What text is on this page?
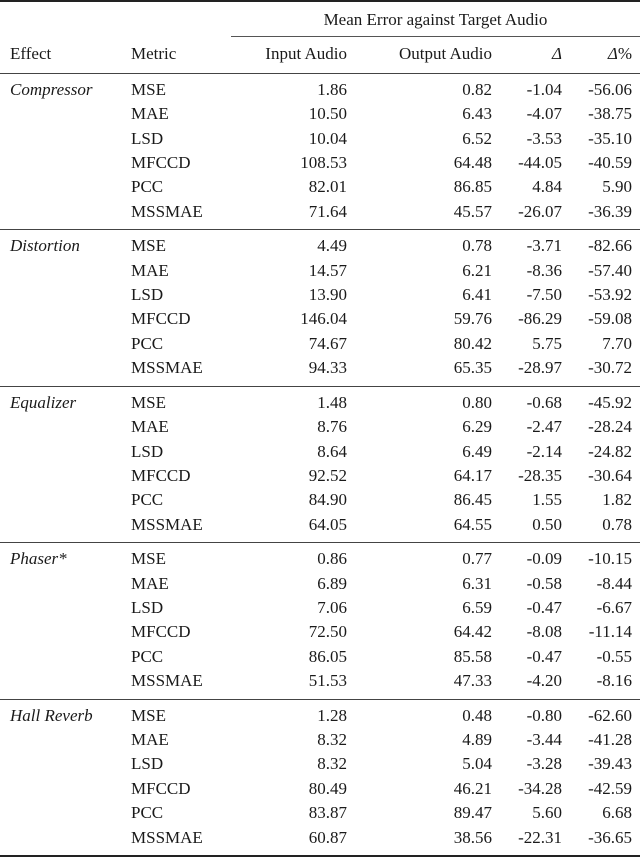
		Mean Error against Target Audio			
Effect	Metric	Input Audio	Output Audio	Δ	Δ%
Compressor	MSE	1.86	0.82	-1.04	-56.06
	MAE	10.50	6.43	-4.07	-38.75
	LSD	10.04	6.52	-3.53	-35.10
	MFCCD	108.53	64.48	-44.05	-40.59
	PCC	82.01	86.85	4.84	5.90
	MSSMAE	71.64	45.57	-26.07	-36.39
Distortion	MSE	4.49	0.78	-3.71	-82.66
	MAE	14.57	6.21	-8.36	-57.40
	LSD	13.90	6.41	-7.50	-53.92
	MFCCD	146.04	59.76	-86.29	-59.08
	PCC	74.67	80.42	5.75	7.70
	MSSMAE	94.33	65.35	-28.97	-30.72
Equalizer	MSE	1.48	0.80	-0.68	-45.92
	MAE	8.76	6.29	-2.47	-28.24
	LSD	8.64	6.49	-2.14	-24.82
	MFCCD	92.52	64.17	-28.35	-30.64
	PCC	84.90	86.45	1.55	1.82
	MSSMAE	64.05	64.55	0.50	0.78
Phaser*	MSE	0.86	0.77	-0.09	-10.15
	MAE	6.89	6.31	-0.58	-8.44
	LSD	7.06	6.59	-0.47	-6.67
	MFCCD	72.50	64.42	-8.08	-11.14
	PCC	86.05	85.58	-0.47	-0.55
	MSSMAE	51.53	47.33	-4.20	-8.16
Hall Reverb	MSE	1.28	0.48	-0.80	-62.60
	MAE	8.32	4.89	-3.44	-41.28
	LSD	8.32	5.04	-3.28	-39.43
	MFCCD	80.49	46.21	-34.28	-42.59
	PCC	83.87	89.47	5.60	6.68
	MSSMAE	60.87	38.56	-22.31	-36.65
